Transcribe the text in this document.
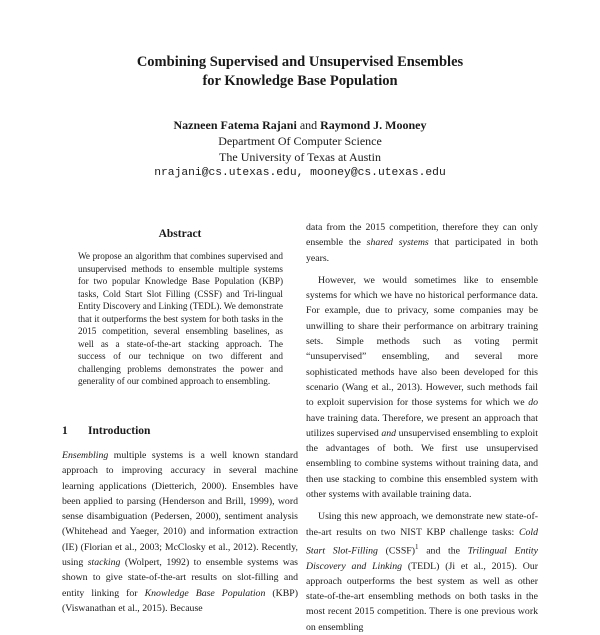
Combining Supervised and Unsupervised Ensembles
for Knowledge Base Population
Nazneen Fatema Rajani and Raymond J. Mooney
Department Of Computer Science
The University of Texas at Austin
nrajani@cs.utexas.edu, mooney@cs.utexas.edu
Abstract
We propose an algorithm that combines supervised and unsupervised methods to ensemble multiple systems for two popular Knowledge Base Population (KBP) tasks, Cold Start Slot Filling (CSSF) and Tri-lingual Entity Discovery and Linking (TEDL). We demonstrate that it outperforms the best system for both tasks in the 2015 competition, several ensembling baselines, as well as a state-of-the-art stacking approach. The success of our technique on two different and challenging problems demonstrates the power and generality of our combined approach to ensembling.
1 Introduction

Ensembling multiple systems is a well known standard approach to improving accuracy in several machine learning applications (Dietterich, 2000). Ensembles have been applied to parsing (Henderson and Brill, 1999), word sense disambiguation (Pedersen, 2000), sentiment analysis (Whitehead and Yaeger, 2010) and information extraction (IE) (Florian et al., 2003; McClosky et al., 2012). Recently, using stacking (Wolpert, 1992) to ensemble systems was shown to give state-of-the-art results on slot-filling and entity linking for Knowledge Base Population (KBP) (Viswanathan et al., 2015). Because

data from the 2015 competition, therefore they can only ensemble the shared systems that participated in both years.

However, we would sometimes like to ensemble systems for which we have no historical performance data. For example, due to privacy, some companies may be unwilling to share their performance on arbitrary training sets. Simple methods such as voting permit “unsupervised” ensembling, and several more sophisticated methods have also been developed for this scenario (Wang et al., 2013). However, such methods fail to exploit supervision for those systems for which we do have training data. Therefore, we present an approach that utilizes supervised and unsupervised ensembling to exploit the advantages of both. We first use unsupervised ensembling to combine systems without training data, and then use stacking to combine this ensembled system with other systems with available training data.

Using this new approach, we demonstrate new state-of-the-art results on two NIST KBP challenge tasks: Cold Start Slot-Filling (CSSF)$^1$ and the Trilingual Entity Discovery and Linking (TEDL) (Ji et al., 2015). Our approach outperforms the best system as well as other state-of-the-art ensembling methods on both tasks in the most recent 2015 competition. There is one previous work on ensembling
